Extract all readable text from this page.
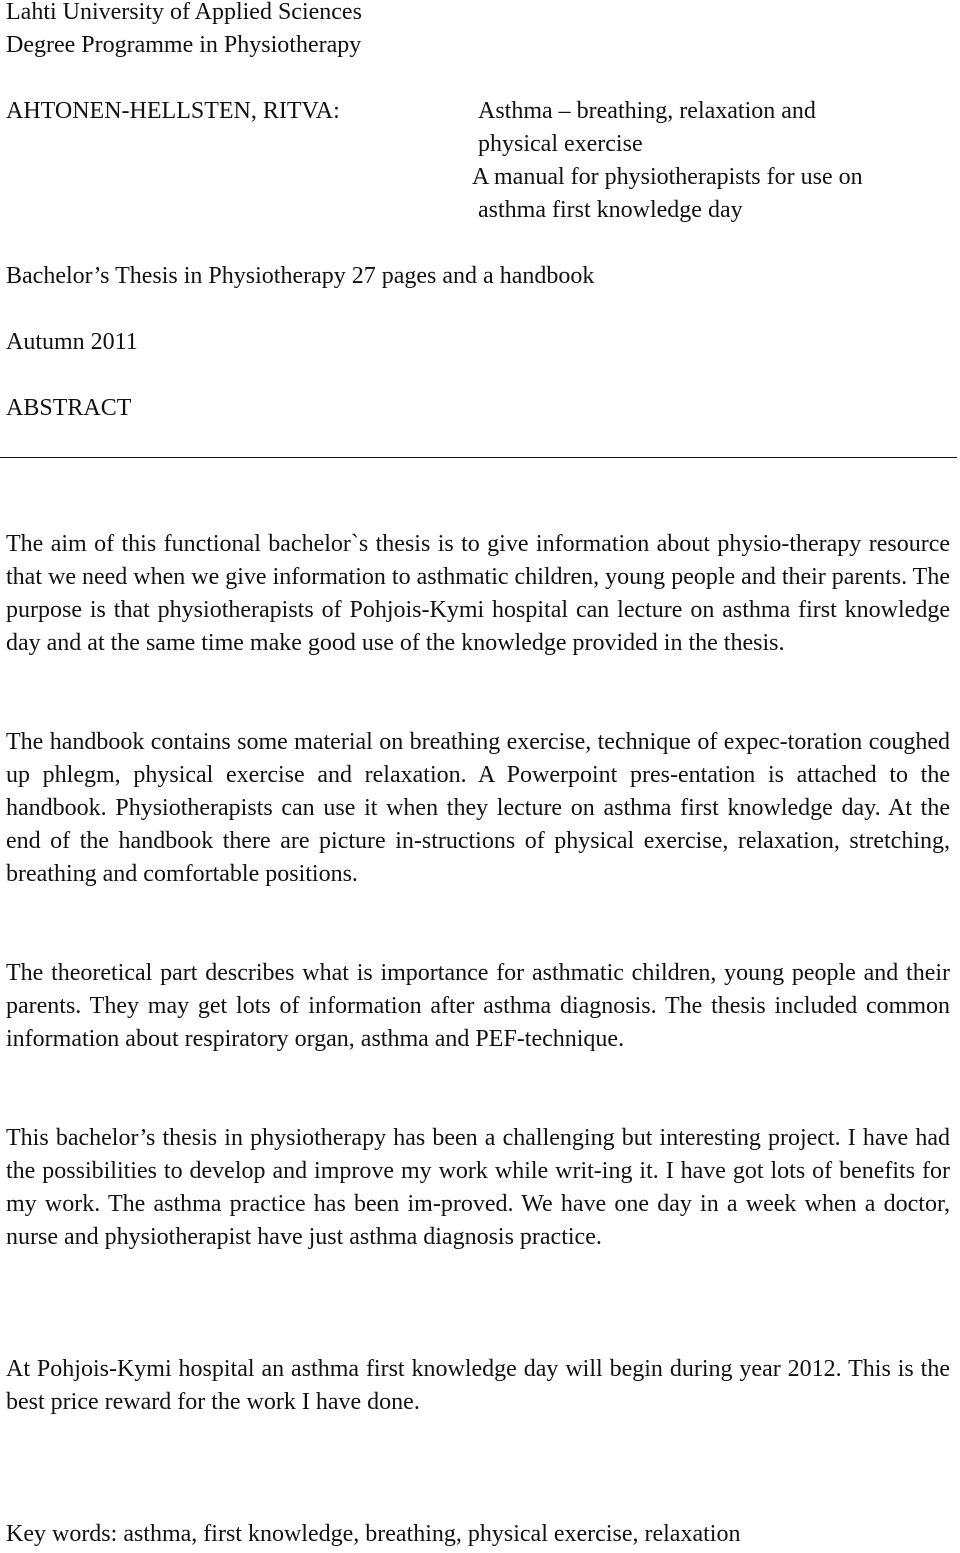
Lahti University of Applied Sciences
Degree Programme in Physiotherapy
AHTONEN-HELLSTEN, RITVA:	Asthma – breathing, relaxation and
physical exercise
A manual for physiotherapists for use on
asthma first knowledge day
Bachelor’s Thesis in Physiotherapy 27 pages and a handbook
Autumn 2011
ABSTRACT

The aim of this functional bachelor`s thesis is to give information about physio-therapy resource that we need when we give information to asthmatic children, young people and their parents. The purpose is that physiotherapists of Pohjois-Kymi hospital can lecture on asthma first knowledge day and at the same time make good use of the knowledge provided in the thesis.

The handbook contains some material on breathing exercise, technique of expec-toration coughed up phlegm, physical exercise and relaxation. A Powerpoint pres-entation is attached to the handbook. Physiotherapists can use it when they lecture on asthma first knowledge day. At the end of the handbook there are picture in-structions of physical exercise, relaxation, stretching, breathing and comfortable positions.

The theoretical part describes what is importance for asthmatic children, young people and their parents. They may get lots of information after asthma diagnosis. The thesis included common information about respiratory organ, asthma and PEF-technique.

This bachelor’s thesis in physiotherapy has been a challenging but interesting project. I have had the possibilities to develop and improve my work while writ-ing it. I have got lots of benefits for my work. The asthma practice has been im-proved. We have one day in a week when a doctor, nurse and physiotherapist have just asthma diagnosis practice.

At Pohjois-Kymi hospital an asthma first knowledge day will begin during year 2012. This is the best price reward for the work I have done.

Key words: asthma, first knowledge, breathing, physical exercise, relaxation
